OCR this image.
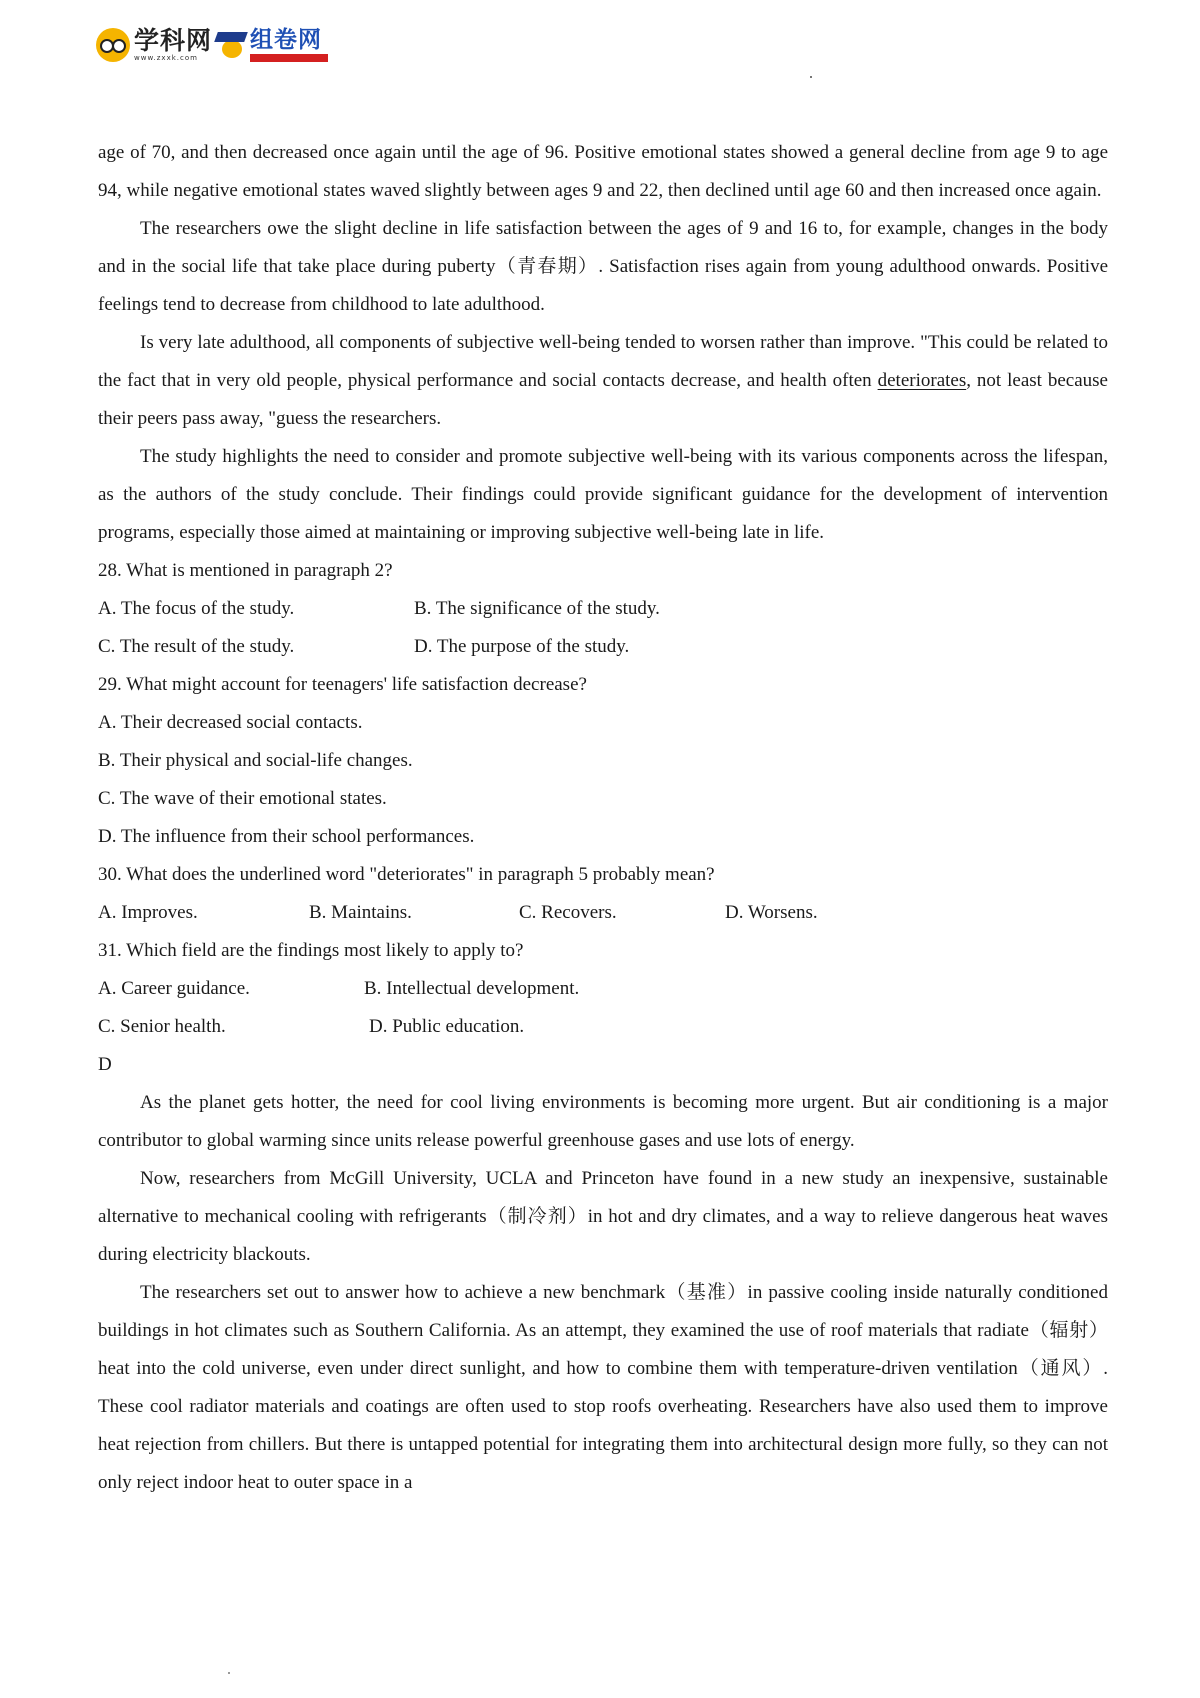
学科网
www.zxxk.com
组卷网

age of 70, and then decreased once again until the age of 96. Positive emotional states showed a general decline from age 9 to age 94, while negative emotional states waved slightly between ages 9 and 22, then declined until age 60 and then increased once again.

The researchers owe the slight decline in life satisfaction between the ages of 9 and 16 to, for example, changes in the body and in the social life that take place during puberty（青春期）. Satisfaction rises again from young adulthood onwards. Positive feelings tend to decrease from childhood to late adulthood.

Is very late adulthood, all components of subjective well-being tended to worsen rather than improve. "This could be related to the fact that in very old people, physical performance and social contacts decrease, and health often deteriorates, not least because their peers pass away, "guess the researchers.

The study highlights the need to consider and promote subjective well-being with its various components across the lifespan, as the authors of the study conclude. Their findings could provide significant guidance for the development of intervention programs, especially those aimed at maintaining or improving subjective well-being late in life.

28. What is mentioned in paragraph 2?

A. The focus of the study.	B. The significance of the study.
C. The result of the study.	D. The purpose of the study.

29. What might account for teenagers' life satisfaction decrease?

A. Their decreased social contacts.

B. Their physical and social-life changes.

C. The wave of their emotional states.

D. The influence from their school performances.

30. What does the underlined word "deteriorates" in paragraph 5 probably mean?

A. Improves.	B. Maintains.	C. Recovers.	D. Worsens.

31. Which field are the findings most likely to apply to?

A. Career guidance.	B. Intellectual development.
C. Senior health.	D. Public education.

D

As the planet gets hotter, the need for cool living environments is becoming more urgent. But air conditioning is a major contributor to global warming since units release powerful greenhouse gases and use lots of energy.

Now, researchers from McGill University, UCLA and Princeton have found in a new study an inexpensive, sustainable alternative to mechanical cooling with refrigerants（制冷剂）in hot and dry climates, and a way to relieve dangerous heat waves during electricity blackouts.

The researchers set out to answer how to achieve a new benchmark（基准）in passive cooling inside naturally conditioned buildings in hot climates such as Southern California. As an attempt, they examined the use of roof materials that radiate（辐射）heat into the cold universe, even under direct sunlight, and how to combine them with temperature-driven ventilation（通风）. These cool radiator materials and coatings are often used to stop roofs overheating. Researchers have also used them to improve heat rejection from chillers. But there is untapped potential for integrating them into architectural design more fully, so they can not only reject indoor heat to outer space in a
